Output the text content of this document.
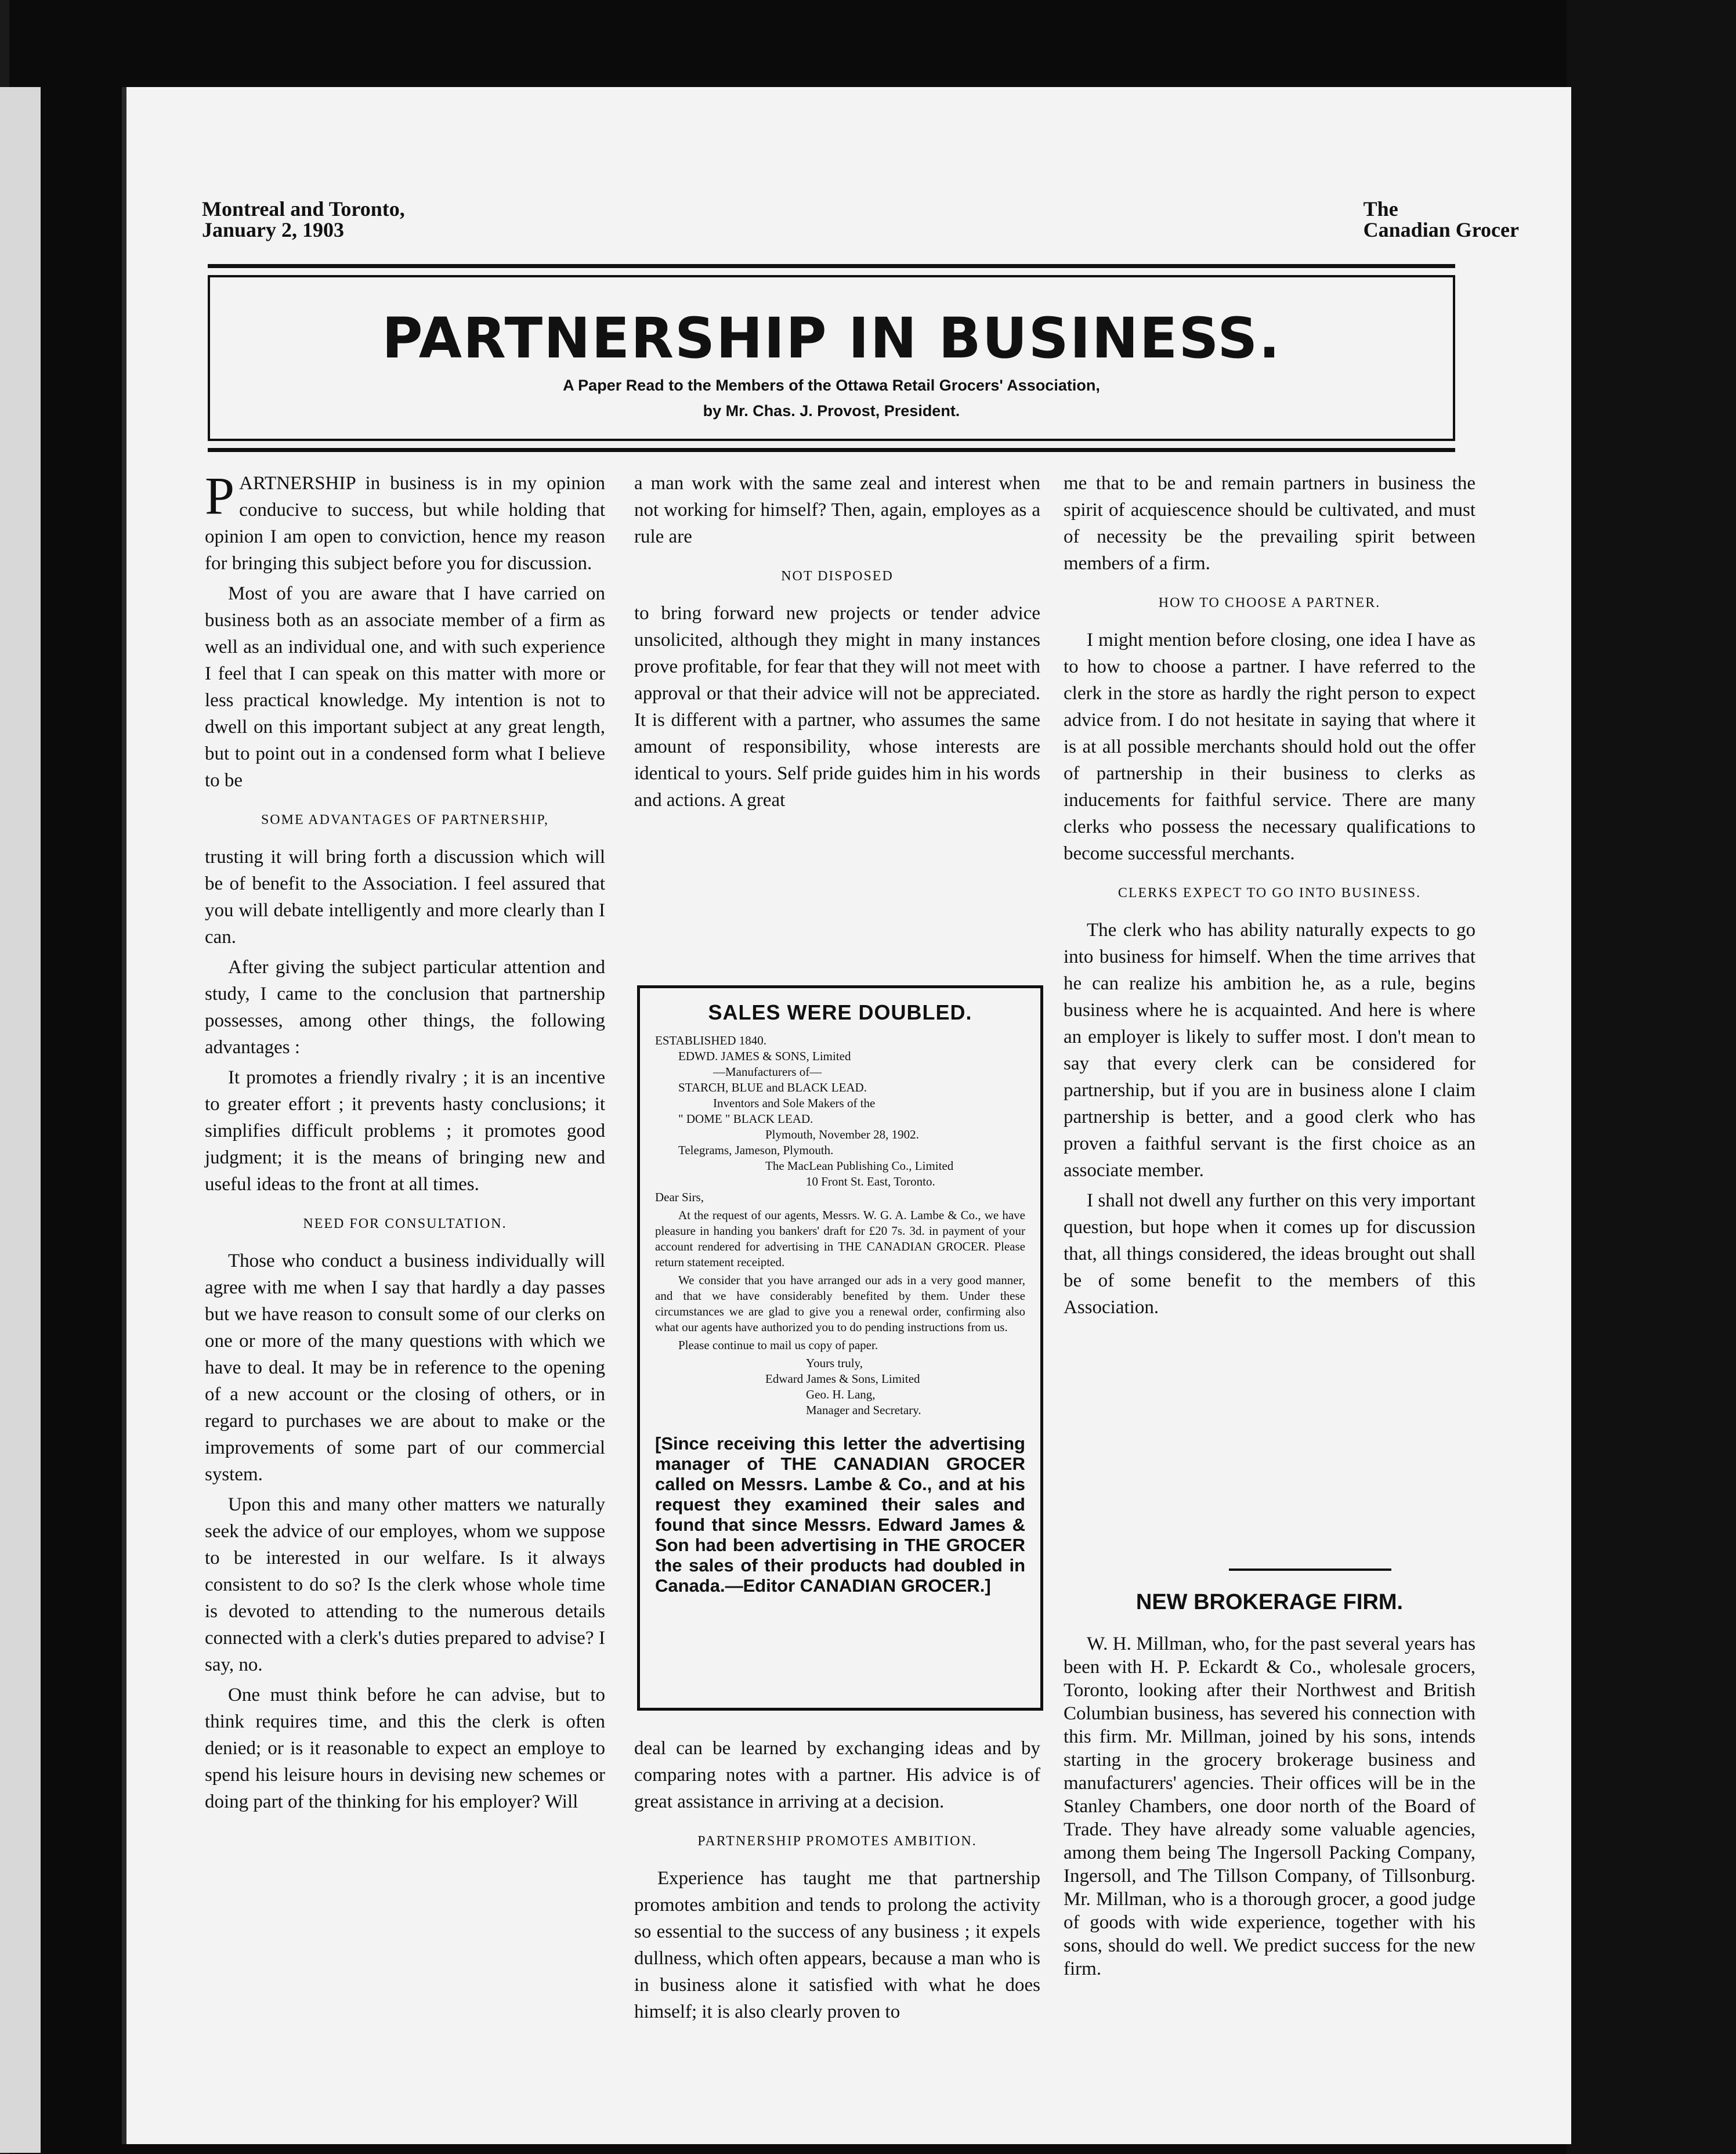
Montreal and Toronto,
January 2, 1903
The
Canadian Grocer
PARTNERSHIP IN BUSINESS.
A Paper Read to the Members of the Ottawa Retail Grocers' Association,
by Mr. Chas. J. Provost, President.

PARTNERSHIP in business is in my opinion conducive to success, but while holding that opinion I am open to conviction, hence my reason for bringing this subject before you for discussion.

Most of you are aware that I have carried on business both as an associate member of a firm as well as an individual one, and with such experience I feel that I can speak on this matter with more or less practical knowledge. My intention is not to dwell on this important subject at any great length, but to point out in a condensed form what I believe to be

SOME ADVANTAGES OF PARTNERSHIP,

trusting it will bring forth a discussion which will be of benefit to the Association. I feel assured that you will debate intelligently and more clearly than I can.

After giving the subject particular attention and study, I came to the conclusion that partnership possesses, among other things, the following advantages :

It promotes a friendly rivalry ; it is an incentive to greater effort ; it prevents hasty conclusions; it simplifies difficult problems ; it promotes good judgment; it is the means of bringing new and useful ideas to the front at all times.

NEED FOR CONSULTATION.

Those who conduct a business individually will agree with me when I say that hardly a day passes but we have reason to consult some of our clerks on one or more of the many questions with which we have to deal. It may be in reference to the opening of a new account or the closing of others, or in regard to purchases we are about to make or the improvements of some part of our commercial system.

Upon this and many other matters we naturally seek the advice of our employes, whom we suppose to be interested in our welfare. Is it always consistent to do so? Is the clerk whose whole time is devoted to attending to the numerous details connected with a clerk's duties prepared to advise? I say, no.

One must think before he can advise, but to think requires time, and this the clerk is often denied; or is it reasonable to expect an employe to spend his leisure hours in devising new schemes or doing part of the thinking for his employer? Will

a man work with the same zeal and interest when not working for himself? Then, again, employes as a rule are

NOT DISPOSED

to bring forward new projects or tender advice unsolicited, although they might in many instances prove profitable, for fear that they will not meet with approval or that their advice will not be appreciated. It is different with a partner, who assumes the same amount of responsibility, whose interests are identical to yours. Self pride guides him in his words and actions. A great

SALES WERE DOUBLED.
ESTABLISHED 1840.
EDWD. JAMES & SONS, Limited
—Manufacturers of—
STARCH, BLUE and BLACK LEAD.
Inventors and Sole Makers of the
" DOME " BLACK LEAD.
Plymouth, November 28, 1902.
Telegrams, Jameson, Plymouth.
The MacLean Publishing Co., Limited
10 Front St. East, Toronto.
Dear Sirs,
At the request of our agents, Messrs. W. G. A. Lambe & Co., we have pleasure in handing you bankers' draft for £20 7s. 3d. in payment of your account rendered for advertising in THE CANADIAN GROCER. Please return statement receipted.
We consider that you have arranged our ads in a very good manner, and that we have considerably benefited by them. Under these circumstances we are glad to give you a renewal order, confirming also what our agents have authorized you to do pending instructions from us.
Please continue to mail us copy of paper.
Yours truly,
Edward James & Sons, Limited
Geo. H. Lang,
Manager and Secretary.
[Since receiving this letter the advertising manager of THE CANADIAN GROCER called on Messrs. Lambe & Co., and at his request they examined their sales and found that since Messrs. Edward James & Son had been advertising in THE GROCER the sales of their products had doubled in Canada.—Editor CANADIAN GROCER.]

deal can be learned by exchanging ideas and by comparing notes with a partner. His advice is of great assistance in arriving at a decision.

PARTNERSHIP PROMOTES AMBITION.

Experience has taught me that partnership promotes ambition and tends to prolong the activity so essential to the success of any business ; it expels dullness, which often appears, because a man who is in business alone it satisfied with what he does himself; it is also clearly proven to

me that to be and remain partners in business the spirit of acquiescence should be cultivated, and must of necessity be the prevailing spirit between members of a firm.

HOW TO CHOOSE A PARTNER.

I might mention before closing, one idea I have as to how to choose a partner. I have referred to the clerk in the store as hardly the right person to expect advice from. I do not hesitate in saying that where it is at all possible merchants should hold out the offer of partnership in their business to clerks as inducements for faithful service. There are many clerks who possess the necessary qualifications to become successful merchants.

CLERKS EXPECT TO GO INTO BUSINESS.

The clerk who has ability naturally expects to go into business for himself. When the time arrives that he can realize his ambition he, as a rule, begins business where he is acquainted. And here is where an employer is likely to suffer most. I don't mean to say that every clerk can be considered for partnership, but if you are in business alone I claim partnership is better, and a good clerk who has proven a faithful servant is the first choice as an associate member.

I shall not dwell any further on this very important question, but hope when it comes up for discussion that, all things considered, the ideas brought out shall be of some benefit to the members of this Association.

NEW BROKERAGE FIRM.

W. H. Millman, who, for the past several years has been with H. P. Eckardt & Co., wholesale grocers, Toronto, looking after their Northwest and British Columbian business, has severed his connection with this firm. Mr. Millman, joined by his sons, intends starting in the grocery brokerage business and manufacturers' agencies. Their offices will be in the Stanley Chambers, one door north of the Board of Trade. They have already some valuable agencies, among them being The Ingersoll Packing Company, Ingersoll, and The Tillson Company, of Tillsonburg. Mr. Millman, who is a thorough grocer, a good judge of goods with wide experience, together with his sons, should do well. We predict success for the new firm.
